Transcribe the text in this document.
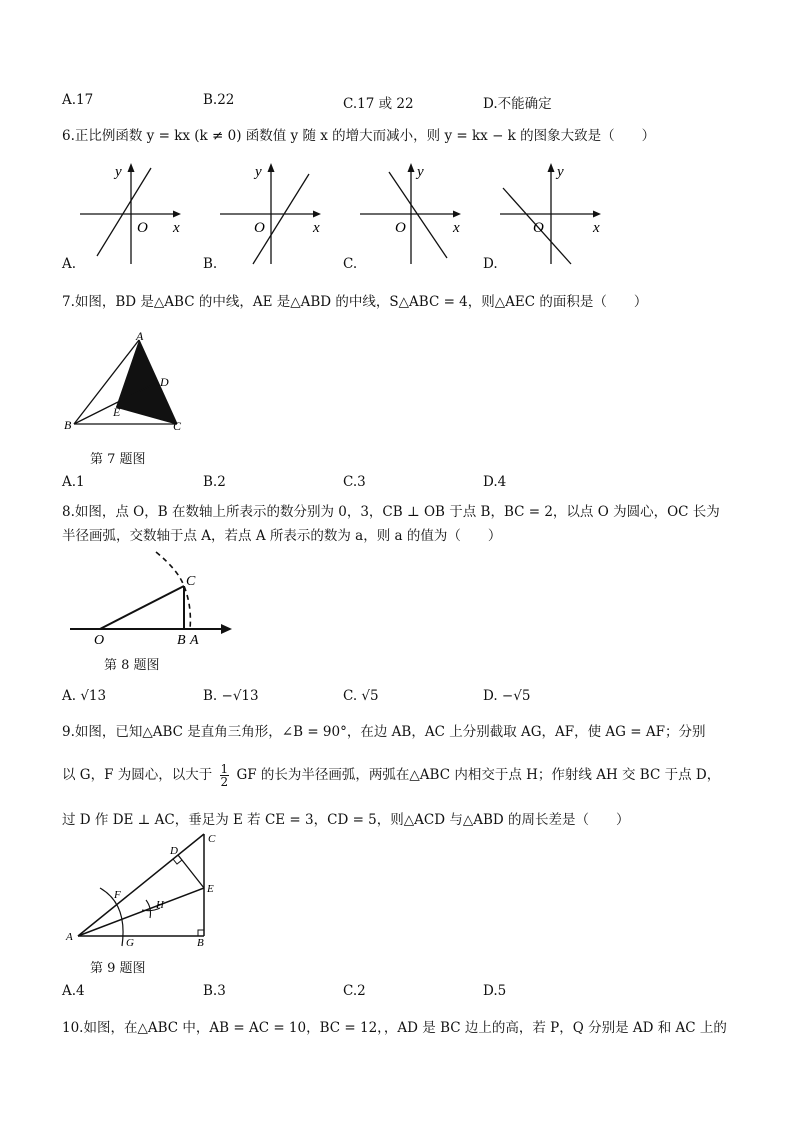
A.17	B.22	C.17 或 22	D.不能确定
6.正比例函数 y = kx (k ≠ 0) 函数值 y 随 x 的增大而减小，则 y = kx − k 的图象大致是（　　）
y
x
O
A.
y
x
O
B.
y
x
O
C.
y
x
O
D.
7.如图，BD 是△ABC 的中线，AE 是△ABD 的中线，S△ABC = 4，则△AEC 的面积是（　　）
A
B	C
D
E
第 7 题图
A.1	B.2	C.3	D.4
8.如图，点 O，B 在数轴上所表示的数分别为 0，3，CB ⊥ OB 于点 B，BC = 2，以点 O 为圆心，OC 长为
半径画弧，交数轴于点 A，若点 A 所表示的数为 a，则 a 的值为（　　）
O	B A
C
第 8 题图
A. √13	B. −√13	C. √5	D. −√5
9.如图，已知△ABC 是直角三角形，∠B = 90°，在边 AB，AC 上分别截取 AG，AF，使 AG = AF；分别
以 G，F 为圆心，以大于 $\frac{1}{2}$ GF 的长为半径画弧，两弧在△ABC 内相交于点 H；作射线 AH 交 BC 于点 D，
过 D 作 DE ⊥ AC，垂足为 E 若 CE = 3，CD = 5，则△ACD 与△ABD 的周长差是（　　）
D
C
E
F
H
A	G	B
第 9 题图
A.4	B.3	C.2	D.5
10.如图，在△ABC 中，AB = AC = 10，BC = 12，，AD 是 BC 边上的高，若 P，Q 分别是 AD 和 AC 上的
